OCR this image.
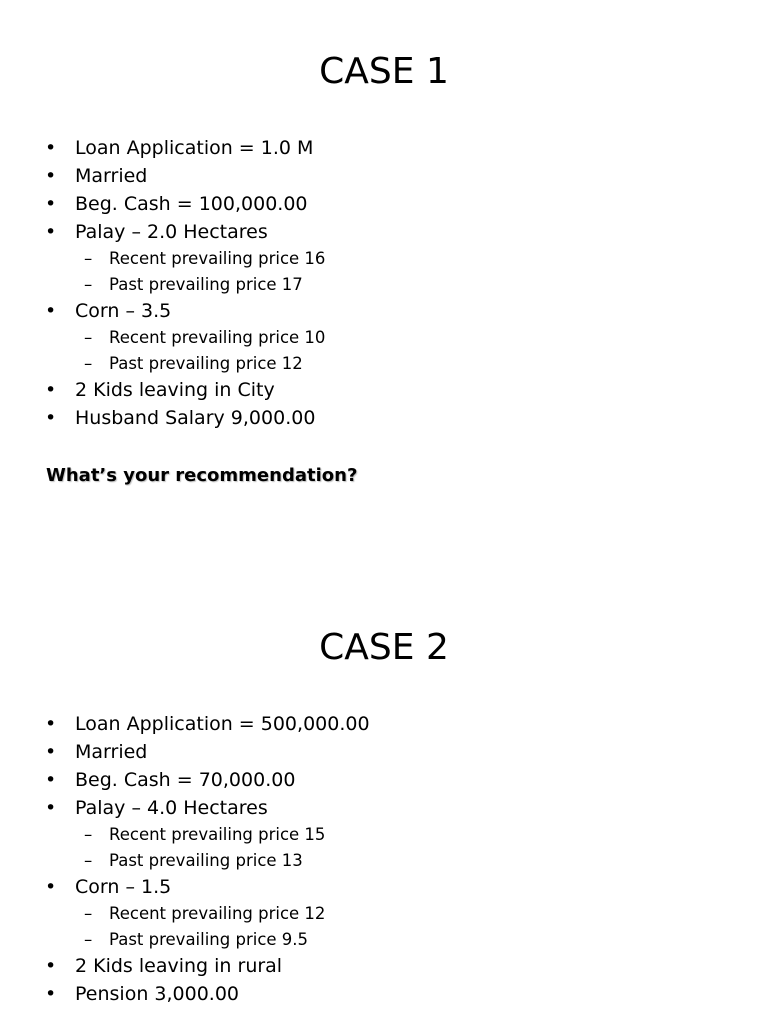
CASE 1
• Loan Application = 1.0 M
• Married
• Beg. Cash = 100,000.00
• Palay – 2.0 Hectares
–	Recent prevailing price 16
–	Past prevailing price 17
• Corn – 3.5
–	Recent prevailing price 10
–	Past prevailing price 12
• 2 Kids leaving in City
• Husband Salary 9,000.00
What’s your recommendation?
CASE 2
• Loan Application = 500,000.00
• Married
• Beg. Cash = 70,000.00
• Palay – 4.0 Hectares
–	Recent prevailing price 15
–	Past prevailing price 13
• Corn – 1.5
–	Recent prevailing price 12
–	Past prevailing price 9.5
• 2 Kids leaving in rural
• Pension 3,000.00
